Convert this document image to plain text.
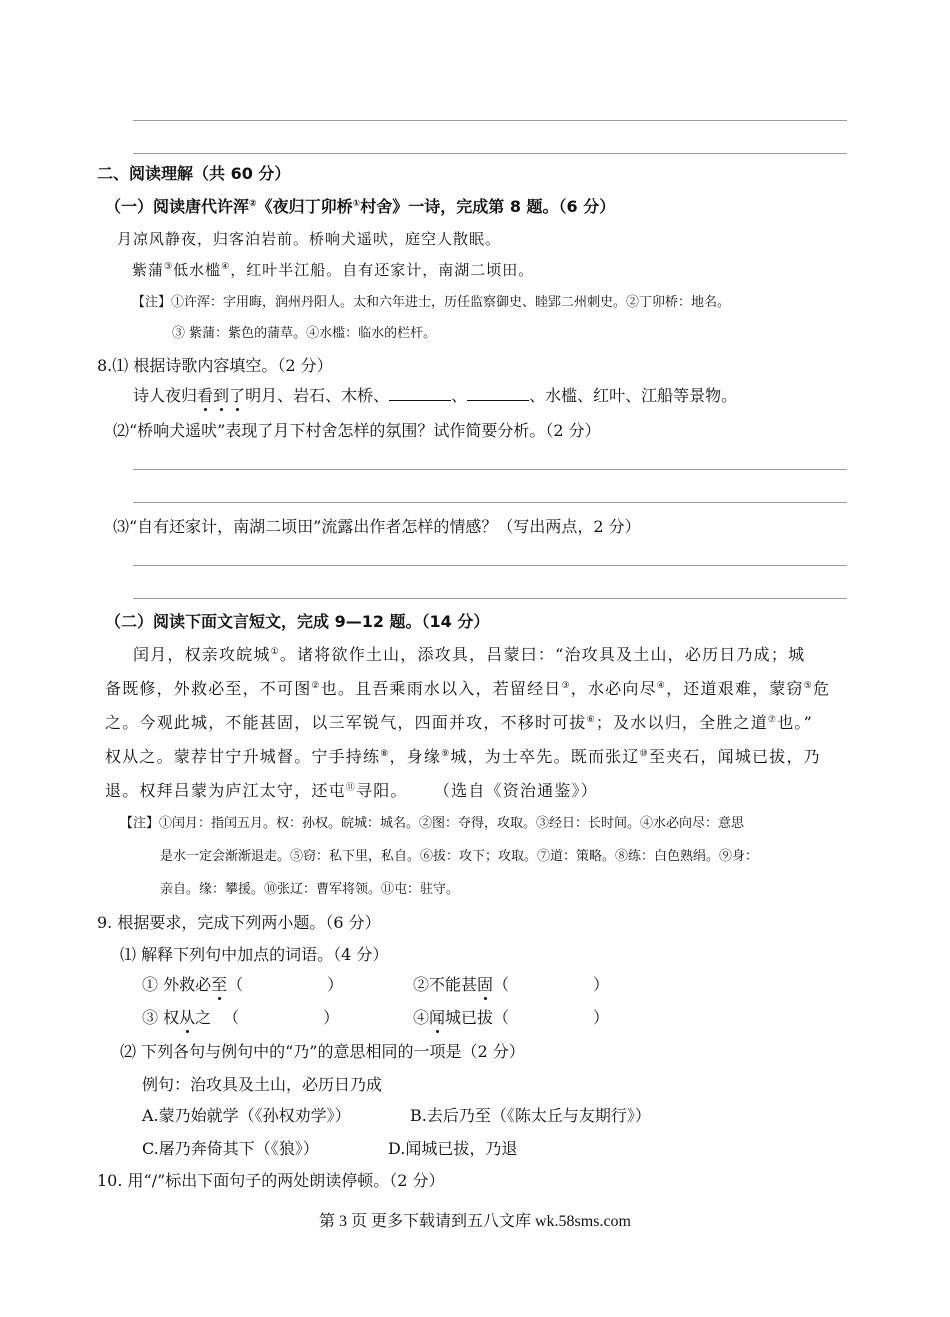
二、阅读理解（共 60 分）
（一）阅读唐代许浑②《夜归丁卯桥①村舍》一诗，完成第 8 题。（6 分）
月凉风静夜，归客泊岩前。桥响犬遥吠，庭空人散眠。
紫蒲③低水槛④，红叶半江船。自有还家计，南湖二顷田。
【注】①许浑：字用晦，润州丹阳人。太和六年进士，历任监察御史、睦郢二州刺史。②丁卯桥：地名。
③ 紫蒲：紫色的蒲草。④水槛：临水的栏杆。
8.⑴ 根据诗歌内容填空。（2 分）
诗人夜归看到了明月、岩石、木桥、	、	、水槛、红叶、江船等景物。
⑵“桥响犬遥吠”表现了月下村舍怎样的氛围？试作简要分析。（2 分）
⑶“自有还家计，南湖二顷田”流露出作者怎样的情感？（写出两点，2 分）
（二）阅读下面文言短文，完成 9—12 题。（14 分）
闰月，权亲攻皖城①。诸将欲作土山，添攻具，吕蒙曰：“治攻具及土山，必历日乃成；城
备既修，外救必至，不可图②也。且吾乘雨水以入，若留经日③，水必向尽④，还道艰难，蒙窃⑤危
之。今观此城，不能甚固，以三军锐气，四面并攻，不移时可拔⑥；及水以归，全胜之道⑦也。”
权从之。蒙荐甘宁升城督。宁手持练⑧，身缘⑨城，为士卒先。既而张辽⑩至夹石，闻城已拔，乃
退。权拜吕蒙为庐江太守，还屯⑪寻阳。 （选自《资治通鉴》）
【注】①闰月：指闰五月。权：孙权。皖城：城名。②图：夺得，攻取。③经日：长时间。④水必向尽：意思
是水一定会渐渐退走。⑤窃：私下里，私自。⑥拔：攻下；攻取。⑦道：策略。⑧练：白色熟绢。⑨身：
亲自。缘：攀援。⑩张辽：曹军将领。⑪屯：驻守。
9. 根据要求，完成下列两小题。（6 分）
⑴ 解释下列句中加点的词语。（4 分）
① 外救必至（	）	②不能甚固（	）
③ 权从之 （	）	④闻城已拔（	）
⑵ 下列各句与例句中的“乃”的意思相同的一项是（2 分）
例句：治攻具及土山，必历日乃成
A.蒙乃始就学（《孙权劝学》）	B.去后乃至（《陈太丘与友期行》）
C.屠乃奔倚其下（《狼》）	D.闻城已拔，乃退
10. 用“/”标出下面句子的两处朗读停顿。（2 分）
第 3 页 更多下载请到五八文库 wk.58sms.com
